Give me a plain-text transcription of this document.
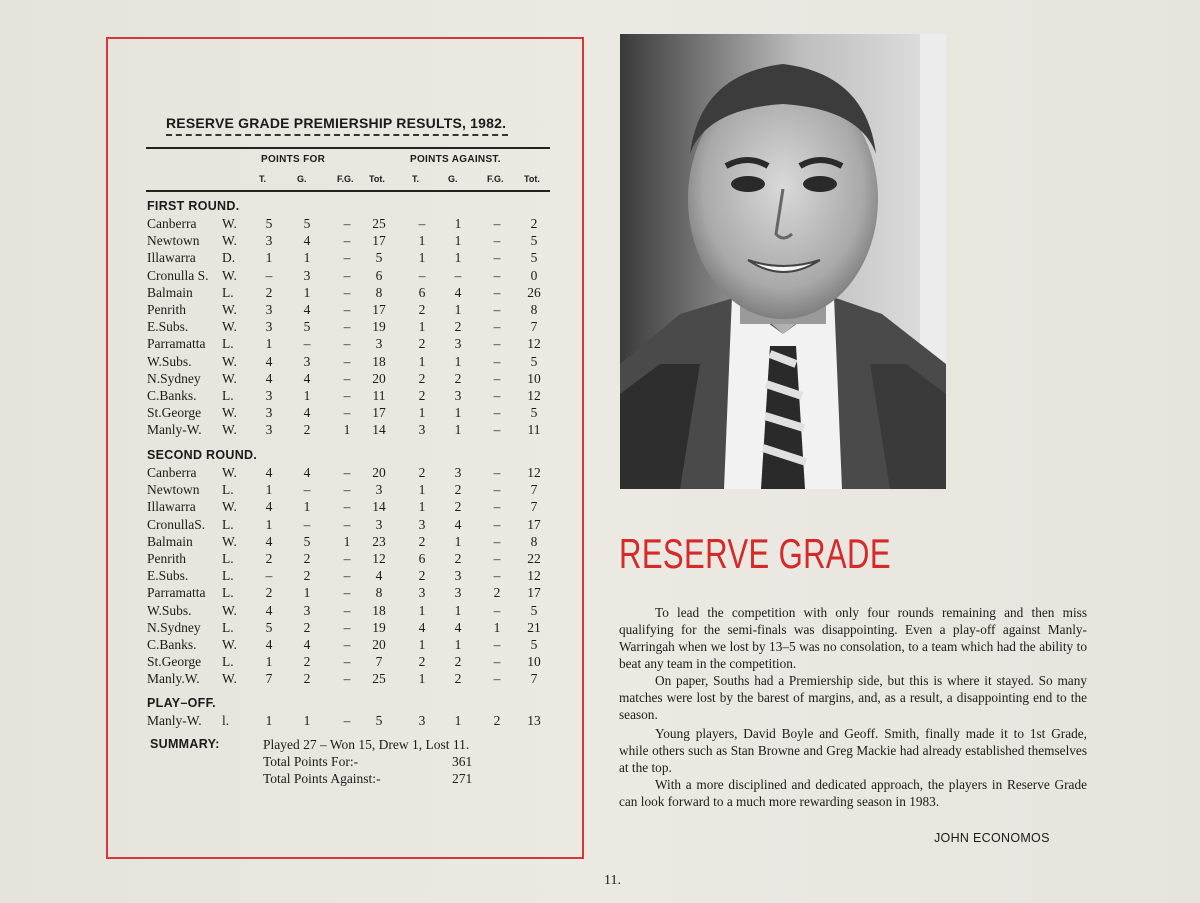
RESERVE GRADE PREMIERSHIP RESULTS, 1982.
POINTS FOR	POINTS AGAINST.
T.	G.	F.G. Tot.	T.	G.	F.G. Tot.
FIRST ROUND.
Canberra W.	5	5	–	25	–	1	–	2
Newtown W.	3	4	–	17	1	1	–	5
Illawarra D.	1	1	–	5	1	1	–	5
Cronulla S. W.	–	3	–	6	–	–	–	0
Balmain L.	2	1	–	8	6	4	–	26
Penrith	W.	3	4	–	17	2	1	–	8
E.Subs. W.	3	5	–	19	1	2	–	7
Parramatta L.	1	–	–	3	2	3	–	12
W.Subs. W.	4	3	–	18	1	1	–	5
N.Sydney W.	4	4	–	20	2	2	–	10
C.Banks. L.	3	1	–	11	2	3	–	12
St.George W.	3	4	–	17	1	1	–	5
Manly-W. W.	3	2	1	14	3	1	–	11
SECOND ROUND.
Canberra W.	4	4	–	20	2	3	–	12
Newtown L.	1	–	–	3	1	2	–	7
Illawarra W.	4	1	–	14	1	2	–	7
CronullaS. L.	1	–	–	3	3	4	–	17
Balmain W.	4	5	1	23	2	1	–	8
Penrith	L.	2	2	–	12	6	2	–	22
E.Subs. L.	–	2	–	4	2	3	–	12
Parramatta L.	2	1	–	8	3	3	2	17
W.Subs. W.	4	3	–	18	1	1	–	5
N.Sydney L.	5	2	–	19	4	4	1	21
C.Banks. W.	4	4	–	20	1	1	–	5
St.George L.	1	2	–	7	2	2	–	10
Manly.W. W.	7	2	–	25	1	2	–	7
PLAY–OFF.
Manly-W. l.	1	1	–	5	3	1	2	13
SUMMARY:	Played 27 – Won 15, Drew 1, Lost 11.
Total Points For:-	361
Total Points Against:-	271
RESERVE GRADE

To lead the competition with only four rounds remaining and then miss qualifying for the semi-finals was disappointing. Even a play-off against Manly-Warringah when we lost by 13–5 was no consolation, to a team which had the ability to beat any team in the competition.

On paper, Souths had a Premiership side, but this is where it stayed. So many matches were lost by the barest of margins, and, as a result, a disappointing end to the season.

Young players, David Boyle and Geoff. Smith, finally made it to 1st Grade, while others such as Stan Browne and Greg Mackie had already established themselves at the top.

With a more disciplined and dedicated approach, the players in Reserve Grade can look forward to a much more rewarding season in 1983.

JOHN ECONOMOS
11.
